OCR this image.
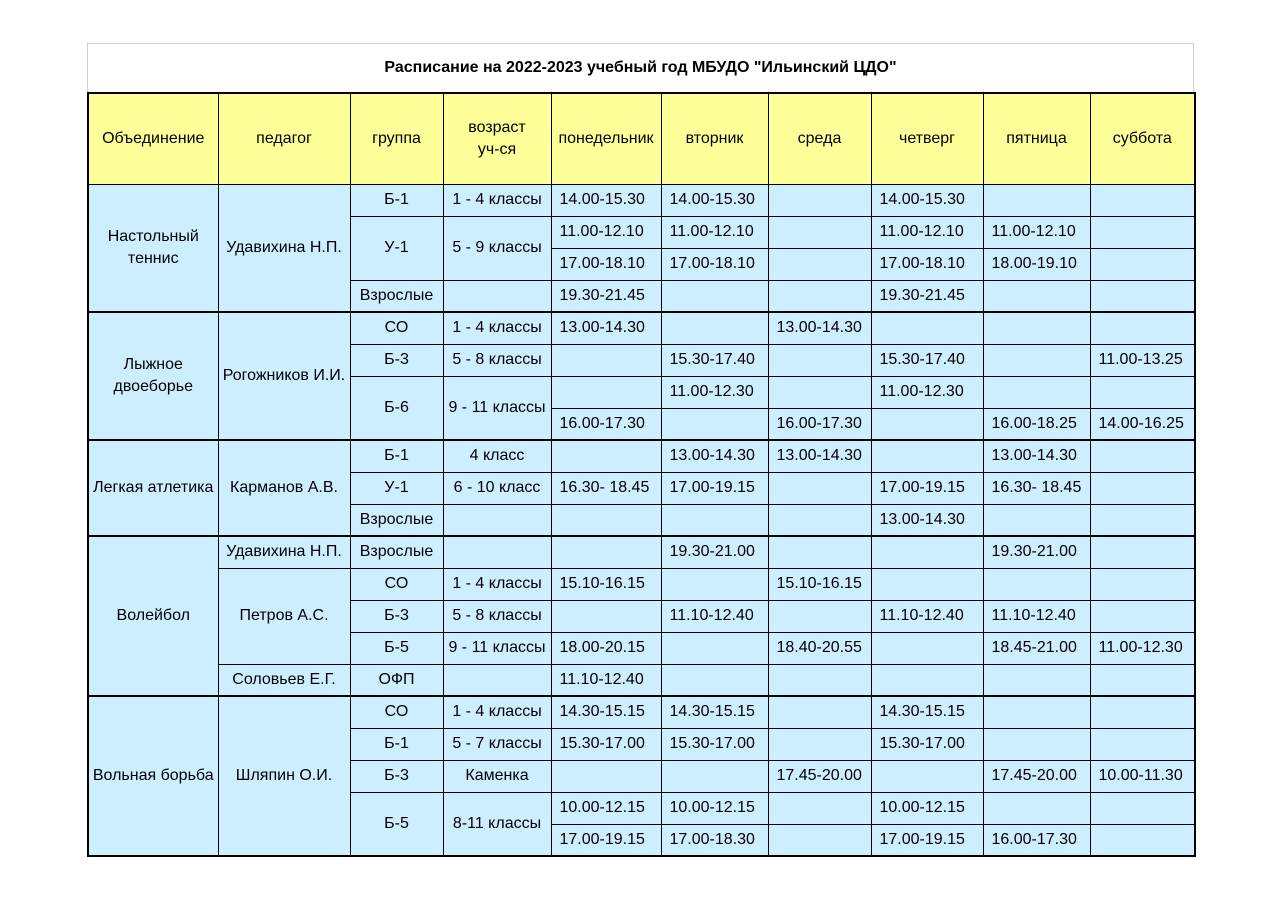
Расписание на 2022-2023 учебный год МБУДО "Ильинский ЦДО"
Объединение	педагог	группа	возраст
уч-ся	понедельник	вторник	среда	четверг	пятница	суббота

Настольный теннис	Удавихина Н.П.	Б-1	1 - 4 классы	14.00-15.30	14.00-15.30		14.00-15.30		
		У-1	5 - 9 классы	11.00-12.10	11.00-12.10		11.00-12.10	11.00-12.10	
				17.00-18.10	17.00-18.10		17.00-18.10	18.00-19.10	
		Взрослые		19.30-21.45			19.30-21.45		

Лыжное двоеборье	Рогожников И.И.	СО	1 - 4 классы	13.00-14.30		13.00-14.30			
		Б-3	5 - 8 классы		15.30-17.40		15.30-17.40		11.00-13.25
		Б-6	9 - 11 классы		11.00-12.30		11.00-12.30		
				16.00-17.30		16.00-17.30		16.00-18.25	14.00-16.25

Легкая атлетика	Карманов А.В.	Б-1	4 класс		13.00-14.30	13.00-14.30		13.00-14.30	
		У-1	6 - 10 класс	16.30- 18.45	17.00-19.15		17.00-19.15	16.30- 18.45	
		Взрослые					13.00-14.30		
Волейбол	Удавихина Н.П.	Взрослые			19.30-21.00			19.30-21.00	
	Петров А.С.	СО	1 - 4 классы	15.10-16.15		15.10-16.15			
		Б-3	5 - 8 классы		11.10-12.40		11.10-12.40	11.10-12.40	
		Б-5	9 - 11 классы	18.00-20.15		18.40-20.55		18.45-21.00	11.00-12.30
	Соловьев Е.Г.	ОФП		11.10-12.40					

Вольная борьба	Шляпин О.И.	СО	1 - 4 классы	14.30-15.15	14.30-15.15		14.30-15.15		
		Б-1	5 - 7 классы	15.30-17.00	15.30-17.00		15.30-17.00		
		Б-3	Каменка			17.45-20.00		17.45-20.00	10.00-11.30
		Б-5	8-11 классы	10.00-12.15	10.00-12.15		10.00-12.15		
				17.00-19.15	17.00-18.30		17.00-19.15	16.00-17.30	
